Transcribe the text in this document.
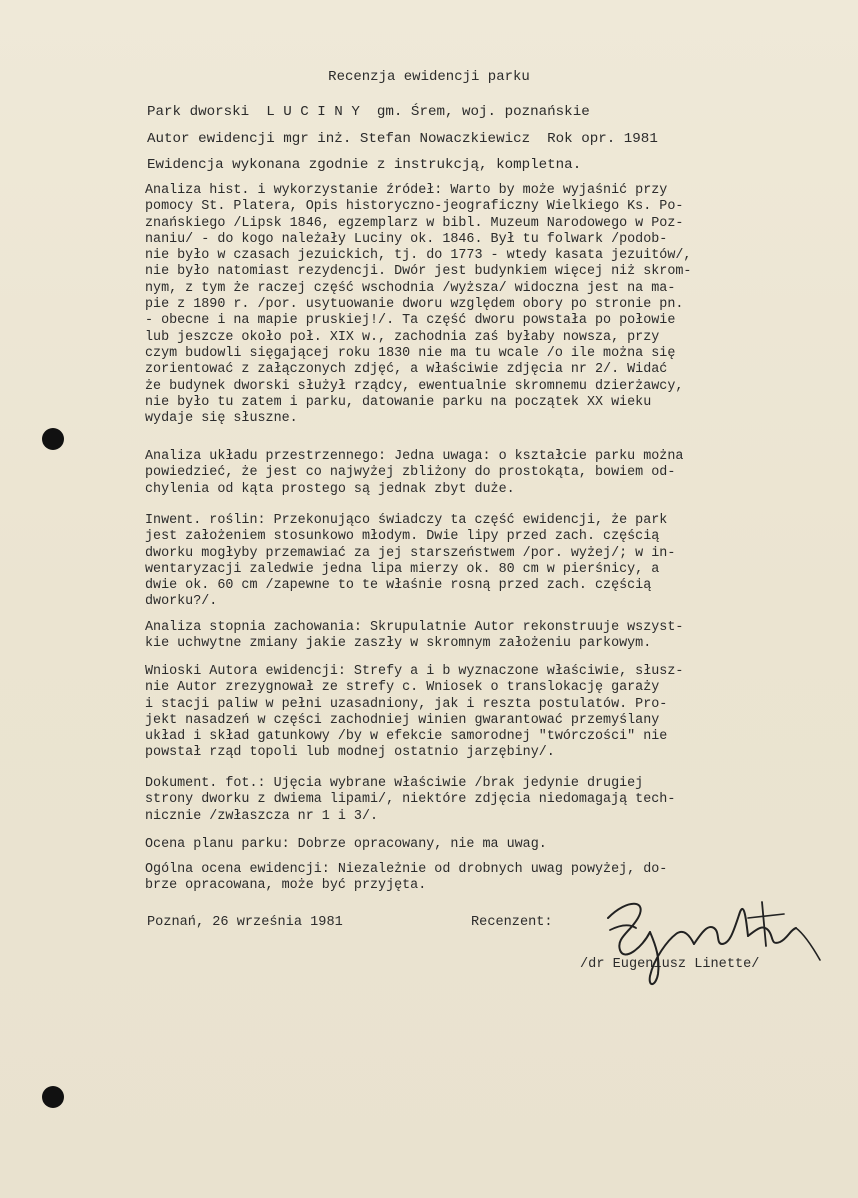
Recenzja ewidencji parku
Park dworski  L U C I N Y  gm. Śrem, woj. poznańskie
Autor ewidencji mgr inż. Stefan Nowaczkiewicz  Rok opr. 1981
Ewidencja wykonana zgodnie z instrukcją, kompletna.
Analiza hist. i wykorzystanie źródeł: Warto by może wyjaśnić przy
pomocy St. Platera, Opis historyczno-jeograficzny Wielkiego Ks. Po-
znańskiego /Lipsk 1846, egzemplarz w bibl. Muzeum Narodowego w Poz-
naniu/ - do kogo należały Luciny ok. 1846. Był tu folwark /podob-
nie było w czasach jezuickich, tj. do 1773 - wtedy kasata jezuitów/,
nie było natomiast rezydencji. Dwór jest budynkiem więcej niż skrom-
nym, z tym że raczej część wschodnia /wyższa/ widoczna jest na ma-
pie z 1890 r. /por. usytuowanie dworu względem obory po stronie pn.
- obecne i na mapie pruskiej!/. Ta część dworu powstała po połowie
lub jeszcze około poł. XIX w., zachodnia zaś byłaby nowsza, przy
czym budowli sięgającej roku 1830 nie ma tu wcale /o ile można się
zorientować z załączonych zdjęć, a właściwie zdjęcia nr 2/. Widać
że budynek dworski służył rządcy, ewentualnie skromnemu dzierżawcy,
nie było tu zatem i parku, datowanie parku na początek XX wieku
wydaje się słuszne.
Analiza układu przestrzennego: Jedna uwaga: o kształcie parku można
powiedzieć, że jest co najwyżej zbliżony do prostokąta, bowiem od-
chylenia od kąta prostego są jednak zbyt duże.
Inwent. roślin: Przekonująco świadczy ta część ewidencji, że park
jest założeniem stosunkowo młodym. Dwie lipy przed zach. częścią
dworku mogłyby przemawiać za jej starszeństwem /por. wyżej/; w in-
wentaryzacji zaledwie jedna lipa mierzy ok. 80 cm w pierśnicy, a
dwie ok. 60 cm /zapewne to te właśnie rosną przed zach. częścią
dworku?/.
Analiza stopnia zachowania: Skrupulatnie Autor rekonstruuje wszyst-
kie uchwytne zmiany jakie zaszły w skromnym założeniu parkowym.
Wnioski Autora ewidencji: Strefy a i b wyznaczone właściwie, słusz-
nie Autor zrezygnował ze strefy c. Wniosek o translokację garaży
i stacji paliw w pełni uzasadniony, jak i reszta postulatów. Pro-
jekt nasadzeń w części zachodniej winien gwarantować przemyślany
układ i skład gatunkowy /by w efekcie samorodnej "twórczości" nie
powstał rząd topoli lub modnej ostatnio jarzębiny/.
Dokument. fot.: Ujęcia wybrane właściwie /brak jedynie drugiej
strony dworku z dwiema lipami/, niektóre zdjęcia niedomagają tech-
nicznie /zwłaszcza nr 1 i 3/.
Ocena planu parku: Dobrze opracowany, nie ma uwag.
Ogólna ocena ewidencji: Niezależnie od drobnych uwag powyżej, do-
brze opracowana, może być przyjęta.
Poznań, 26 września 1981	Recenzent:
/dr Eugeniusz Linette/
